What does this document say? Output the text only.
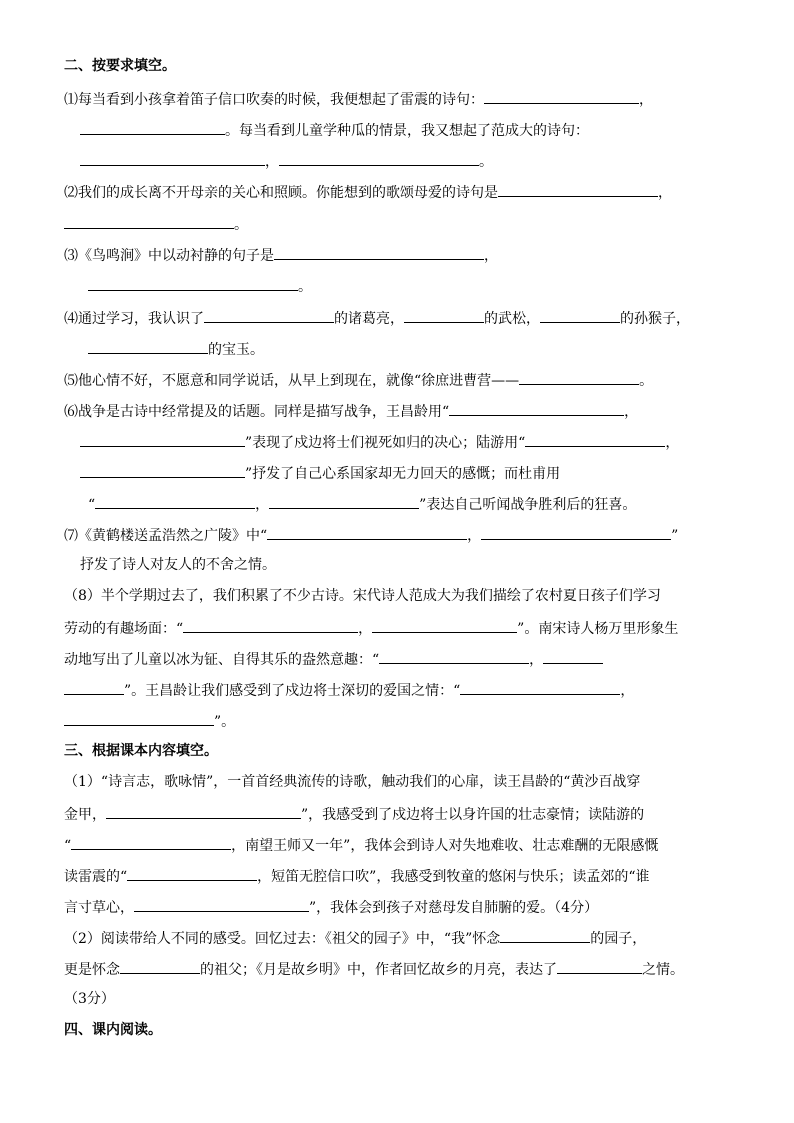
二、按要求填空。
⑴每当看到小孩拿着笛子信口吹奏的时候，我便想起了雷震的诗句：	，
。每当看到儿童学种瓜的情景，我又想起了范成大的诗句：
，	。
⑵我们的成长离不开母亲的关心和照顾。你能想到的歌颂母爱的诗句是	，
。
⑶《鸟鸣涧》中以动衬静的句子是	，
。
⑷通过学习，我认识了	的诸葛亮，	的武松，	的孙猴子，
的宝玉。
⑸他心情不好，不愿意和同学说话，从早上到现在，就像“徐庶进曹营——	。
⑹战争是古诗中经常提及的话题。同样是描写战争，王昌龄用“	，
”表现了戍边将士们视死如归的决心；陆游用“	，
”抒发了自己心系国家却无力回天的感慨；而杜甫用
“	，	”表达自己听闻战争胜利后的狂喜。
⑺《黄鹤楼送孟浩然之广陵》中“	，	”
抒发了诗人对友人的不舍之情。
（8）半个学期过去了，我们积累了不少古诗。宋代诗人范成大为我们描绘了农村夏日孩子们学习
劳动的有趣场面：“	，	”。南宋诗人杨万里形象生
动地写出了儿童以冰为钲、自得其乐的盎然意趣：“	，
”。王昌龄让我们感受到了戍边将士深切的爱国之情：“	，
”。
三、根据课本内容填空。
（1）“诗言志，歌咏情”，一首首经典流传的诗歌，触动我们的心扉，读王昌龄的“黄沙百战穿
金甲，	”，我感受到了戍边将士以身许国的壮志豪情；读陆游的
“	，南望王师又一年”，我体会到诗人对失地难收、壮志难酬的无限感慨
读雷震的“	，短笛无腔信口吹”，我感受到牧童的悠闲与快乐；读孟郊的“谁
言寸草心，	”，我体会到孩子对慈母发自肺腑的爱。（4分）
（2）阅读带给人不同的感受。回忆过去：《祖父的园子》中，“我”怀念	的园子，
更是怀念	的祖父；《月是故乡明》中，作者回忆故乡的月亮，表达了	之情。
（3分）
四、课内阅读。
